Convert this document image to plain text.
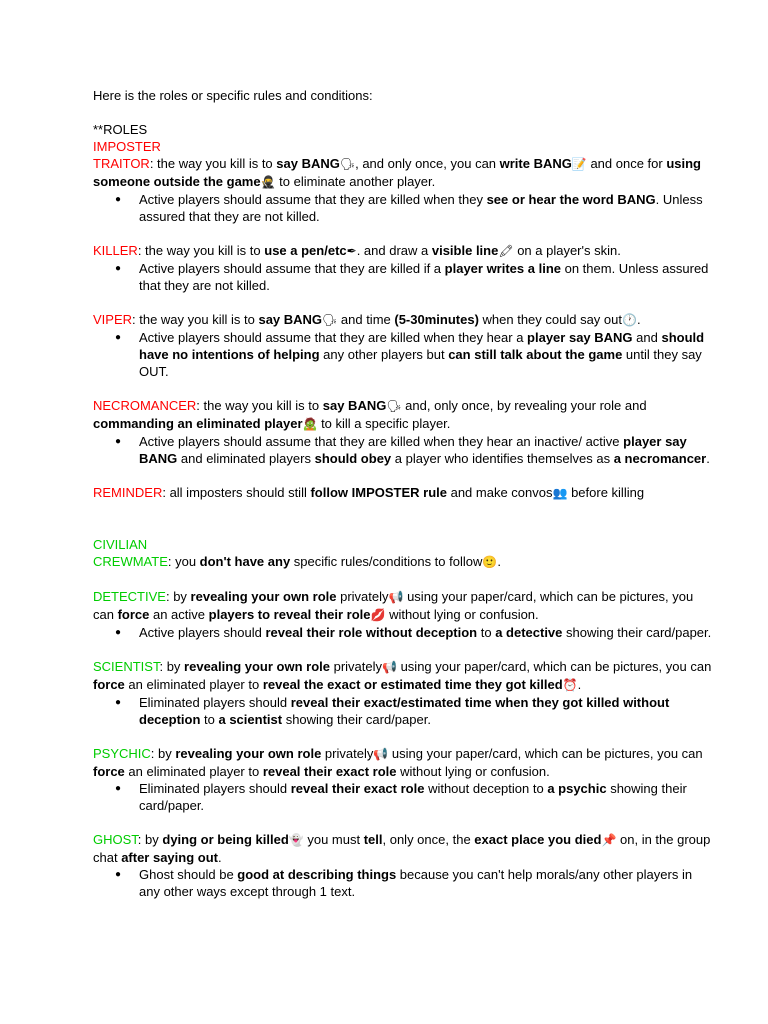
Here is the roles or specific rules and conditions:

**ROLES

IMPOSTER

TRAITOR: the way you kill is to say BANG🗣, and only once, you can write BANG📝 and once for using someone outside the game🥷 to eliminate another player.

● Active players should assume that they are killed when they see or hear the word BANG. Unless assured that they are not killed.

KILLER: the way you kill is to use a pen/etc✒. and draw a visible line🖍 on a player's skin.

● Active players should assume that they are killed if a player writes a line on them. Unless assured that they are not killed.

VIPER: the way you kill is to say BANG🗣 and time (5-30minutes) when they could say out🕐.

● Active players should assume that they are killed when they hear a player say BANG and should have no intentions of helping any other players but can still talk about the game until they say OUT.

NECROMANCER: the way you kill is to say BANG🗣 and, only once, by revealing your role and commanding an eliminated player🧟 to kill a specific player.

● Active players should assume that they are killed when they hear an inactive/ active player say BANG and eliminated players should obey a player who identifies themselves as a necromancer.

REMINDER: all imposters should still follow IMPOSTER rule and make convos👥 before killing

CIVILIAN

CREWMATE: you don't have any specific rules/conditions to follow🙂.

DETECTIVE: by revealing your own role privately📢 using your paper/card, which can be pictures, you can force an active players to reveal their role💋 without lying or confusion.

● Active players should reveal their role without deception to a detective showing their card/paper.

SCIENTIST: by revealing your own role privately📢 using your paper/card, which can be pictures, you can force an eliminated player to reveal the exact or estimated time they got killed⏰.

● Eliminated players should reveal their exact/estimated time when they got killed without deception to a scientist showing their card/paper.

PSYCHIC: by revealing your own role privately📢 using your paper/card, which can be pictures, you can force an eliminated player to reveal their exact role without lying or confusion.

● Eliminated players should reveal their exact role without deception to a psychic showing their card/paper.

GHOST: by dying or being killed👻 you must tell, only once, the exact place you died📌 on, in the group chat after saying out.

● Ghost should be good at describing things because you can't help morals/any other players in any other ways except through 1 text.
